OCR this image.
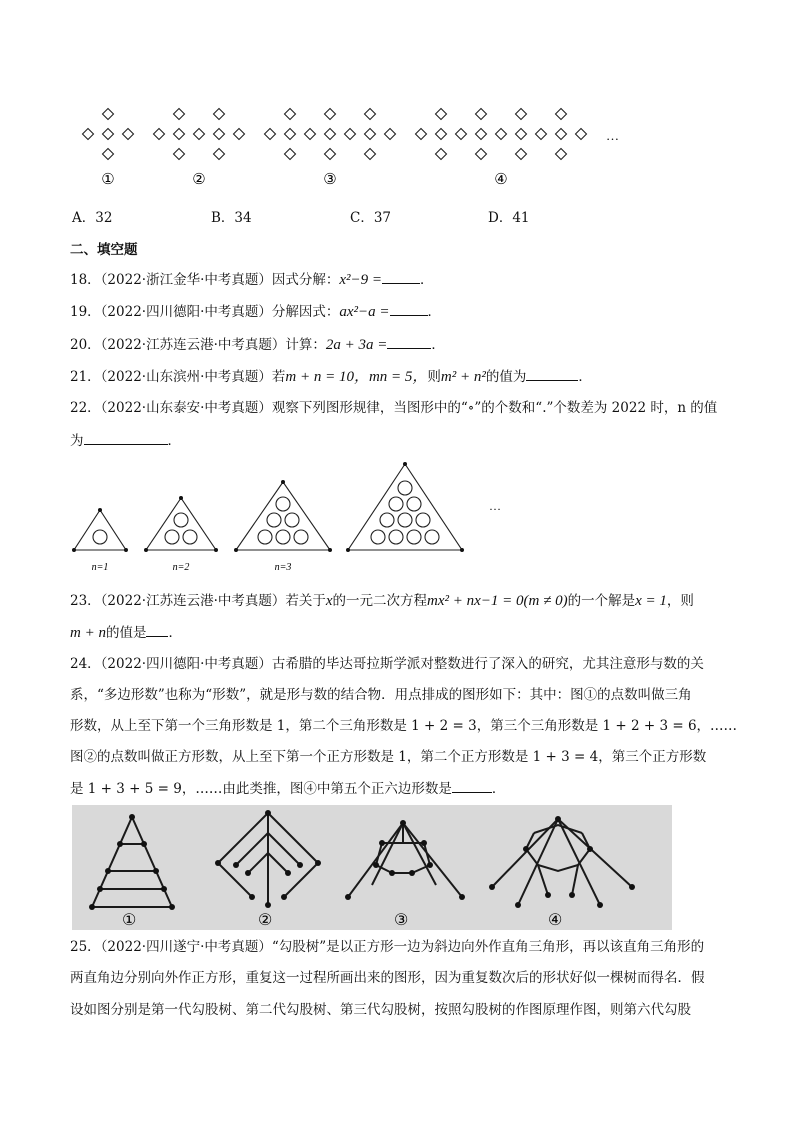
①	②	③	④
…
A．32	B．34	C．37	D．41
二、填空题
18．（2022·浙江金华·中考真题）因式分解：x²−9 =	．
19．（2022·四川德阳·中考真题）分解因式：ax²−a =	．
20．（2022·江苏连云港·中考真题）计算：2a + 3a =	．
21．（2022·山东滨州·中考真题）若m + n = 10，mn = 5，则m² + n²的值为	．
22．（2022·山东泰安·中考真题）观察下列图形规律，当图形中的“∘”的个数和“.”个数差为 2022 时，n 的值
为	．
n=1	n=2	n=3
…
23．（2022·江苏连云港·中考真题）若关于x的一元二次方程mx² + nx−1 = 0(m ≠ 0)的一个解是x = 1，则
m + n的值是 ．
24．（2022·四川德阳·中考真题）古希腊的毕达哥拉斯学派对整数进行了深入的研究，尤其注意形与数的关
系，“多边形数”也称为“形数”，就是形与数的结合物．用点排成的图形如下：其中：图①的点数叫做三角
形数，从上至下第一个三角形数是 1，第二个三角形数是 1 + 2 = 3，第三个三角形数是 1 + 2 + 3 = 6，……
图②的点数叫做正方形数，从上至下第一个正方形数是 1，第二个正方形数是 1 + 3 = 4，第三个正方形数
是 1 + 3 + 5 = 9，……由此类推，图④中第五个正六边形数是	．
①	②	③	④
25．（2022·四川遂宁·中考真题）“勾股树”是以正方形一边为斜边向外作直角三角形，再以该直角三角形的
两直角边分别向外作正方形，重复这一过程所画出来的图形，因为重复数次后的形状好似一棵树而得名．假
设如图分别是第一代勾股树、第二代勾股树、第三代勾股树，按照勾股树的作图原理作图，则第六代勾股
